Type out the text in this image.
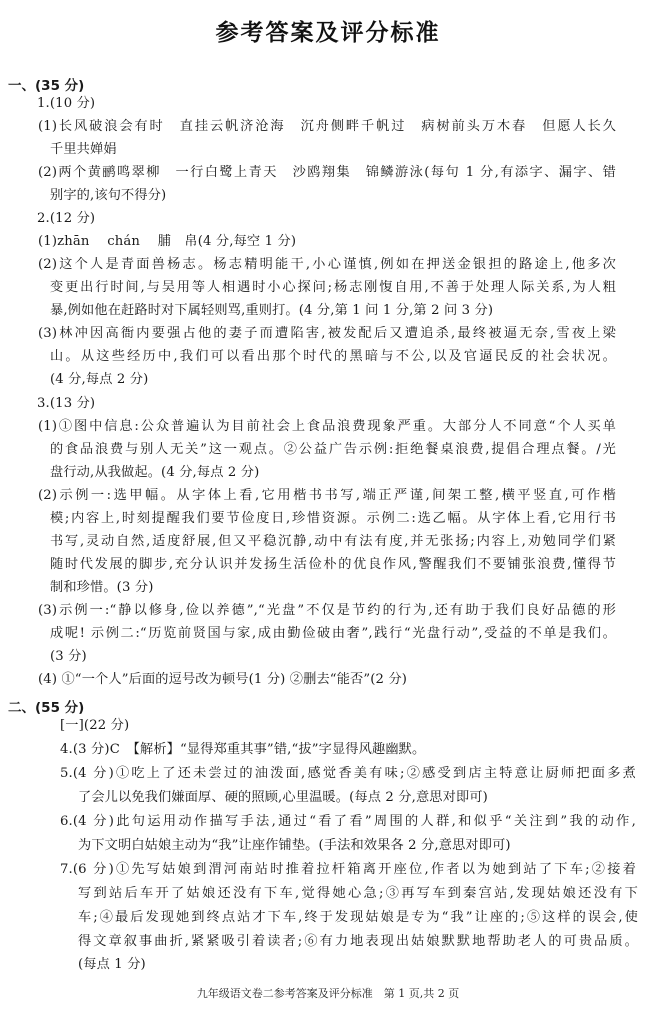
参考答案及评分标准
一、(35 分)
1.(10 分)
(1)长风破浪会有时　直挂云帆济沧海　沉舟侧畔千帆过　病树前头万木春　但愿人长久
千里共婵娟
(2)两个黄鹂鸣翠柳　一行白鹭上青天　沙鸥翔集　锦鳞游泳(每句 1 分,有添字、漏字、错
别字的,该句不得分)
2.(12 分)
(1)zhān　 chán　 脯　帛(4 分,每空 1 分)
(2)这个人是青面兽杨志。杨志精明能干,小心谨慎,例如在押送金银担的路途上,他多次
变更出行时间,与吴用等人相遇时小心探问;杨志刚愎自用,不善于处理人际关系,为人粗
暴,例如他在赶路时对下属轻则骂,重则打。(4 分,第 1 问 1 分,第 2 问 3 分)
(3)林冲因高衙内要强占他的妻子而遭陷害,被发配后又遭追杀,最终被逼无奈,雪夜上梁
山。从这些经历中,我们可以看出那个时代的黑暗与不公,以及官逼民反的社会状况。
(4 分,每点 2 分)
3.(13 分)
(1)①图中信息:公众普遍认为目前社会上食品浪费现象严重。大部分人不同意“个人买单
的食品浪费与别人无关”这一观点。②公益广告示例:拒绝餐桌浪费,提倡合理点餐。/光
盘行动,从我做起。(4 分,每点 2 分)
(2)示例一:选甲幅。从字体上看,它用楷书书写,端正严谨,间架工整,横平竖直,可作楷
模;内容上,时刻提醒我们要节俭度日,珍惜资源。示例二:选乙幅。从字体上看,它用行书
书写,灵动自然,适度舒展,但又平稳沉静,动中有法有度,并无张扬;内容上,劝勉同学们紧
随时代发展的脚步,充分认识并发扬生活俭朴的优良作风,警醒我们不要铺张浪费,懂得节
制和珍惜。(3 分)
(3)示例一:“静以修身,俭以养德”,“光盘”不仅是节约的行为,还有助于我们良好品德的形
成呢! 示例二:“历览前贤国与家,成由勤俭破由奢”,践行“光盘行动”,受益的不单是我们。
(3 分)
(4) ①“一个人”后面的逗号改为顿号(1 分) ②删去“能否”(2 分)
二、(55 分)
[一](22 分)
4.(3 分)C　【解析】“显得郑重其事”错,“拔”字显得风趣幽默。
5.(4 分)①吃上了还未尝过的油泼面,感觉香美有味;②感受到店主特意让厨师把面多煮
了会儿以免我们嫌面厚、硬的照顾,心里温暖。(每点 2 分,意思对即可)
6.(4 分)此句运用动作描写手法,通过“看了看”周围的人群,和似乎“关注到”我的动作,
为下文明白姑娘主动为“我”让座作铺垫。(手法和效果各 2 分,意思对即可)
7.(6 分)①先写姑娘到渭河南站时推着拉杆箱离开座位,作者以为她到站了下车;②接着
写到站后车开了姑娘还没有下车,觉得她心急;③再写车到秦宫站,发现姑娘还没有下
车;④最后发现她到终点站才下车,终于发现姑娘是专为“我”让座的;⑤这样的误会,使
得文章叙事曲折,紧紧吸引着读者;⑥有力地表现出姑娘默默地帮助老人的可贵品质。
(每点 1 分)
九年级语文卷二参考答案及评分标准　第 1 页,共 2 页
